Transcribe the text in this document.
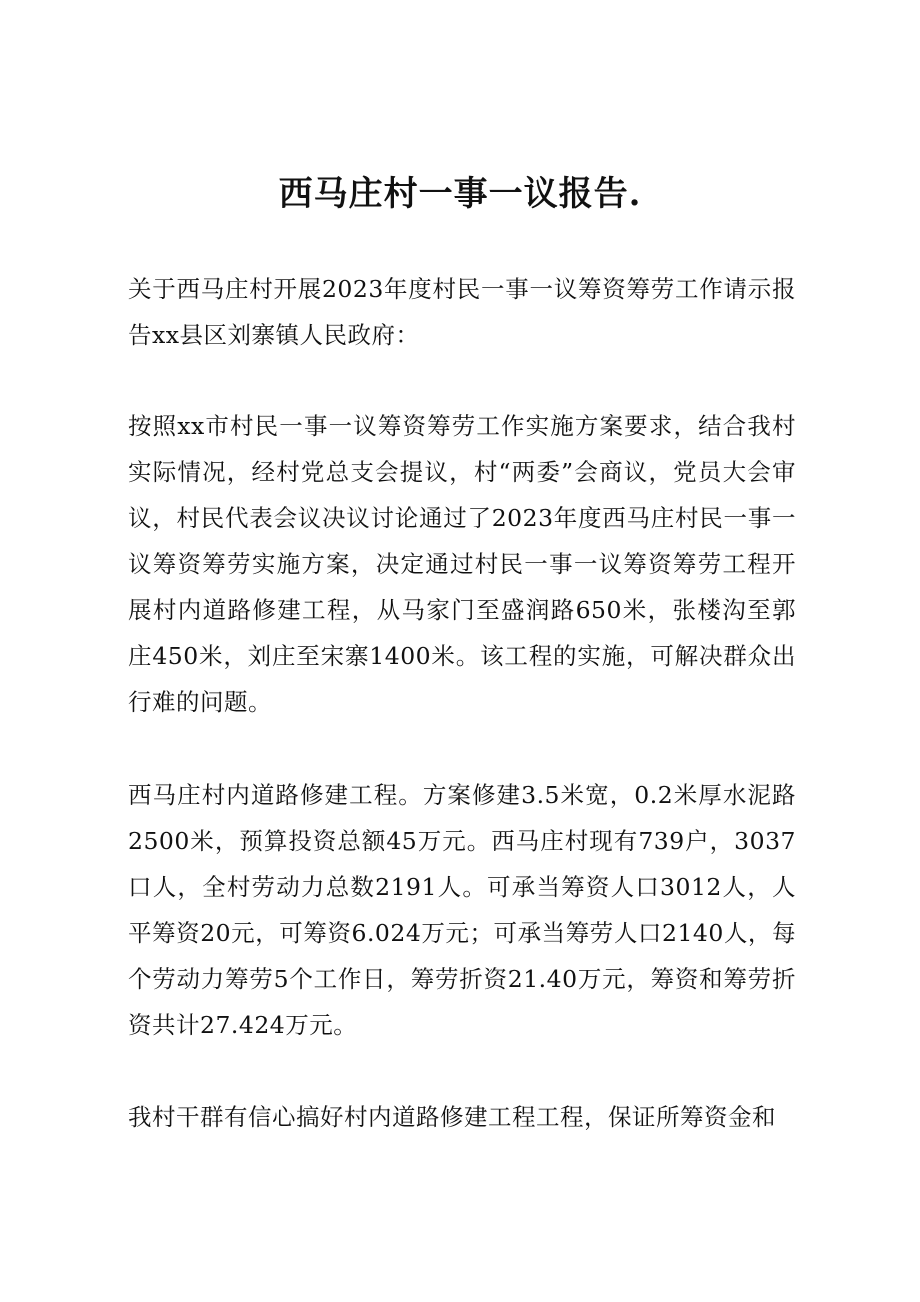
西马庄村一事一议报告.

关于西马庄村开展2023年度村民一事一议筹资筹劳工作请示报告xx县区刘寨镇人民政府：

按照xx市村民一事一议筹资筹劳工作实施方案要求，结合我村实际情况，经村党总支会提议，村“两委”会商议，党员大会审议，村民代表会议决议讨论通过了2023年度西马庄村民一事一议筹资筹劳实施方案，决定通过村民一事一议筹资筹劳工程开展村内道路修建工程，从马家门至盛润路650米，张楼沟至郭庄450米，刘庄至宋寨1400米。该工程的实施，可解决群众出行难的问题。

西马庄村内道路修建工程。方案修建3.5米宽，0.2米厚水泥路2500米，预算投资总额45万元。西马庄村现有739户，3037口人，全村劳动力总数2191人。可承当筹资人口3012人，人平筹资20元，可筹资6.024万元；可承当筹劳人口2140人，每个劳动力筹劳5个工作日，筹劳折资21.40万元，筹资和筹劳折资共计27.424万元。

我村干群有信心搞好村内道路修建工程工程，保证所筹资金和
